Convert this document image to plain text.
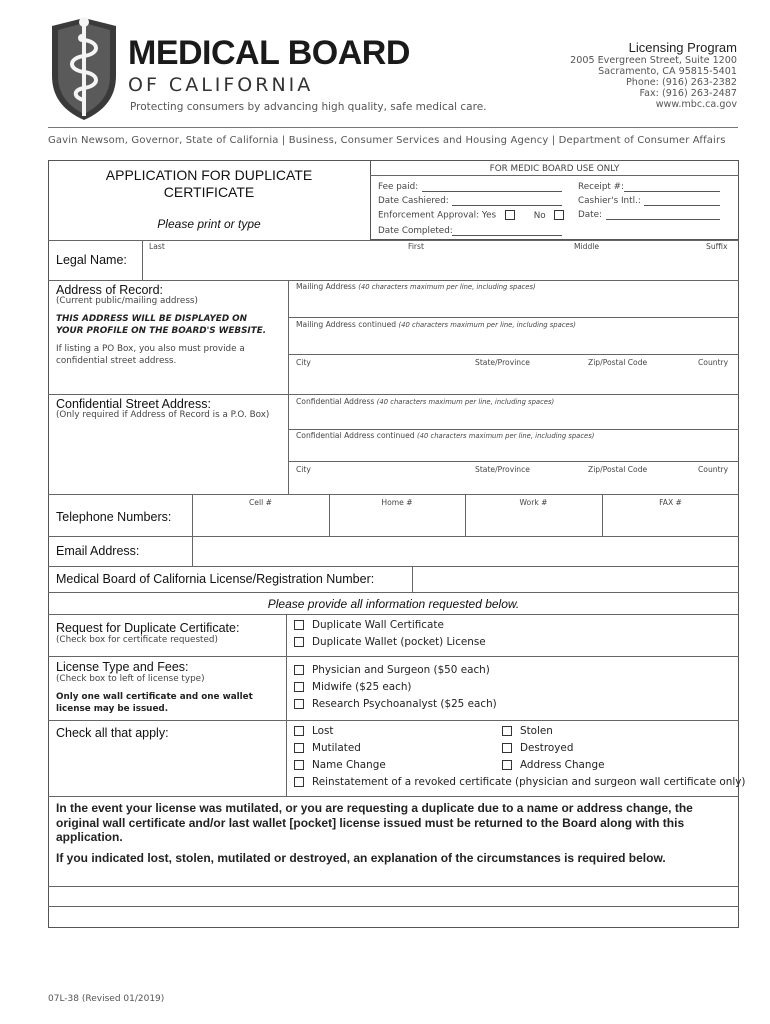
MEDICAL BOARD
OF CALIFORNIA
Protecting consumers by advancing high quality, safe medical care.
Licensing Program
2005 Evergreen Street, Suite 1200
Sacramento, CA 95815-5401
Phone: (916) 263-2382
Fax: (916) 263-2487
www.mbc.ca.gov
Gavin Newsom, Governor, State of California | Business, Consumer Services and Housing Agency | Department of Consumer Affairs
APPLICATION FOR DUPLICATE
CERTIFICATE
Please print or type
FOR MEDIC BOARD USE ONLY
Fee paid:	Receipt #:
Date Cashiered:	Cashier's Intl.:
Enforcement Approval: Yes	No	Date:
Date Completed:
Legal Name:
Last	First	Middle	Suffix
Address of Record:
(Current public/mailing address)
THIS ADDRESS WILL BE DISPLAYED ON
YOUR PROFILE ON THE BOARD'S WEBSITE.
If listing a PO Box, you also must provide a
confidential street address.
Mailing Address (40 characters maximum per line, including spaces)
Mailing Address continued (40 characters maximum per line, including spaces)
City	State/Province	Zip/Postal Code	Country
Confidential Street Address:
(Only required if Address of Record is a P.O. Box)
Confidential Address (40 characters maximum per line, including spaces)
Confidential Address continued (40 characters maximum per line, including spaces)
City	State/Province	Zip/Postal Code	Country
Telephone Numbers:
Cell #	Home #	Work #	FAX #
Email Address:
Medical Board of California License/Registration Number:
Please provide all information requested below.
Request for Duplicate Certificate:
(Check box for certificate requested)
Duplicate Wall Certificate
Duplicate Wallet (pocket) License
License Type and Fees:
(Check box to left of license type)
Only one wall certificate and one wallet
license may be issued.
Physician and Surgeon ($50 each)
Midwife ($25 each)
Research Psychoanalyst ($25 each)
Check all that apply:	Lost	Stolen
Mutilated	Destroyed
Name Change	Address Change
Reinstatement of a revoked certificate (physician and surgeon wall certificate only)
In the event your license was mutilated, or you are requesting a duplicate due to a name or address change, the original wall certificate and/or last wallet [pocket] license issued must be returned to the Board along with this application.
If you indicated lost, stolen, mutilated or destroyed, an explanation of the circumstances is required below.
07L-38 (Revised 01/2019)
